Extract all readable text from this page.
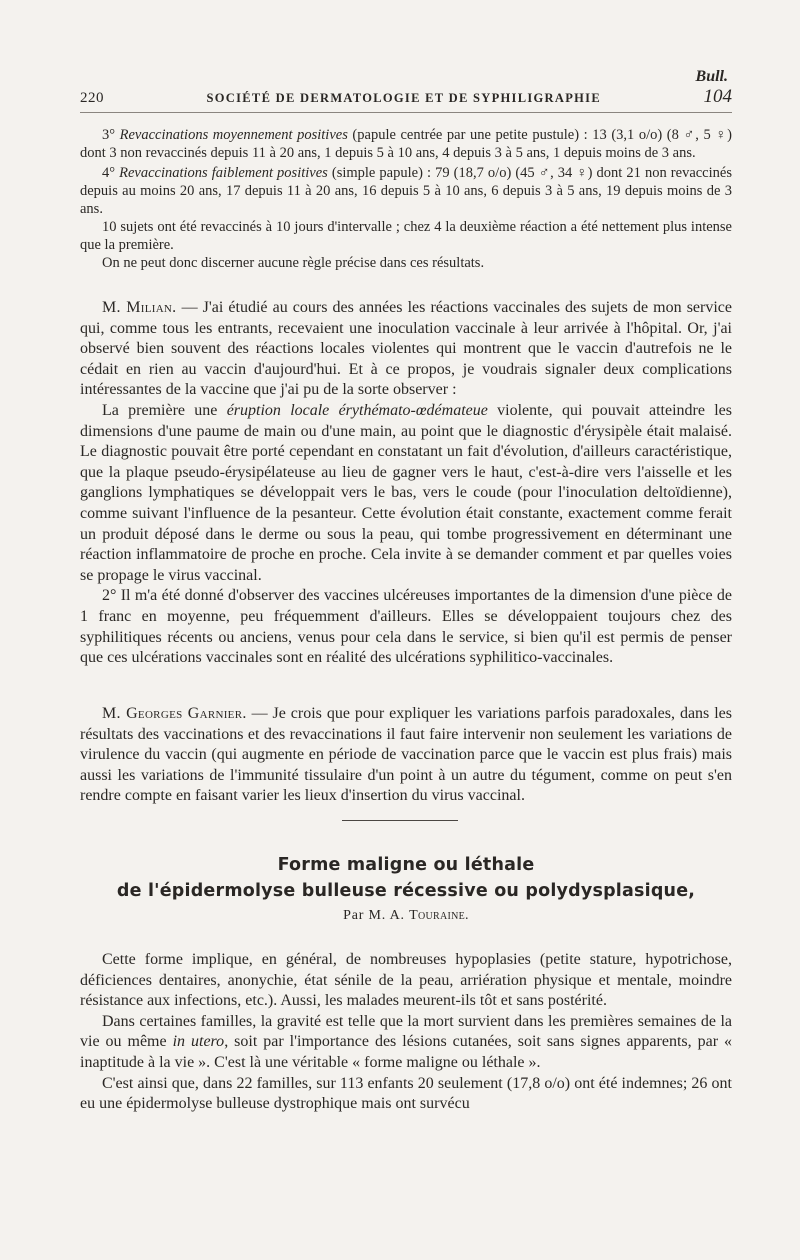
Bull.
220	SOCIÉTÉ DE DERMATOLOGIE ET DE SYPHILIGRAPHIE	104

3° Revaccinations moyennement positives (papule centrée par une petite pustule) : 13 (3,1 o/o) (8 ♂, 5 ♀) dont 3 non revaccinés depuis 11 à 20 ans, 1 depuis 5 à 10 ans, 4 depuis 3 à 5 ans, 1 depuis moins de 3 ans.

4° Revaccinations faiblement positives (simple papule) : 79 (18,7 o/o) (45 ♂, 34 ♀) dont 21 non revaccinés depuis au moins 20 ans, 17 depuis 11 à 20 ans, 16 depuis 5 à 10 ans, 6 depuis 3 à 5 ans, 19 depuis moins de 3 ans.

10 sujets ont été revaccinés à 10 jours d'intervalle ; chez 4 la deuxième réaction a été nettement plus intense que la première.

On ne peut donc discerner aucune règle précise dans ces résultats.

M. Milian. — J'ai étudié au cours des années les réactions vaccinales des sujets de mon service qui, comme tous les entrants, recevaient une inoculation vaccinale à leur arrivée à l'hôpital. Or, j'ai observé bien souvent des réactions locales violentes qui montrent que le vaccin d'autrefois ne le cédait en rien au vaccin d'aujourd'hui. Et à ce propos, je voudrais signaler deux complications intéressantes de la vaccine que j'ai pu de la sorte observer :

La première une éruption locale érythémato-œdémateue violente, qui pouvait atteindre les dimensions d'une paume de main ou d'une main, au point que le diagnostic d'érysipèle était malaisé. Le diagnostic pouvait être porté cependant en constatant un fait d'évolution, d'ailleurs caractéristique, que la plaque pseudo-érysipélateuse au lieu de gagner vers le haut, c'est-à-dire vers l'aisselle et les ganglions lymphatiques se développait vers le bas, vers le coude (pour l'inoculation deltoïdienne), comme suivant l'influence de la pesanteur. Cette évolution était constante, exactement comme ferait un produit déposé dans le derme ou sous la peau, qui tombe progressivement en déterminant une réaction inflammatoire de proche en proche. Cela invite à se demander comment et par quelles voies se propage le virus vaccinal.

2° Il m'a été donné d'observer des vaccines ulcéreuses importantes de la dimension d'une pièce de 1 franc en moyenne, peu fréquemment d'ailleurs. Elles se développaient toujours chez des syphilitiques récents ou anciens, venus pour cela dans le service, si bien qu'il est permis de penser que ces ulcérations vaccinales sont en réalité des ulcérations syphilitico-vaccinales.

M. Georges Garnier. — Je crois que pour expliquer les variations parfois paradoxales, dans les résultats des vaccinations et des revaccinations il faut faire intervenir non seulement les variations de virulence du vaccin (qui augmente en période de vaccination parce que le vaccin est plus frais) mais aussi les variations de l'immunité tissulaire d'un point à un autre du tégument, comme on peut s'en rendre compte en faisant varier les lieux d'insertion du virus vaccinal.

Forme maligne ou léthale
de l'épidermolyse bulleuse récessive ou polydysplasique,
Par M. A. Touraine.

Cette forme implique, en général, de nombreuses hypoplasies (petite stature, hypotrichose, déficiences dentaires, anonychie, état sénile de la peau, arriération physique et mentale, moindre résistance aux infections, etc.). Aussi, les malades meurent-ils tôt et sans postérité.

Dans certaines familles, la gravité est telle que la mort survient dans les premières semaines de la vie ou même in utero, soit par l'importance des lésions cutanées, soit sans signes apparents, par « inaptitude à la vie ». C'est là une véritable « forme maligne ou léthale ».

C'est ainsi que, dans 22 familles, sur 113 enfants 20 seulement (17,8 o/o) ont été indemnes; 26 ont eu une épidermolyse bulleuse dystrophique mais ont survécu
